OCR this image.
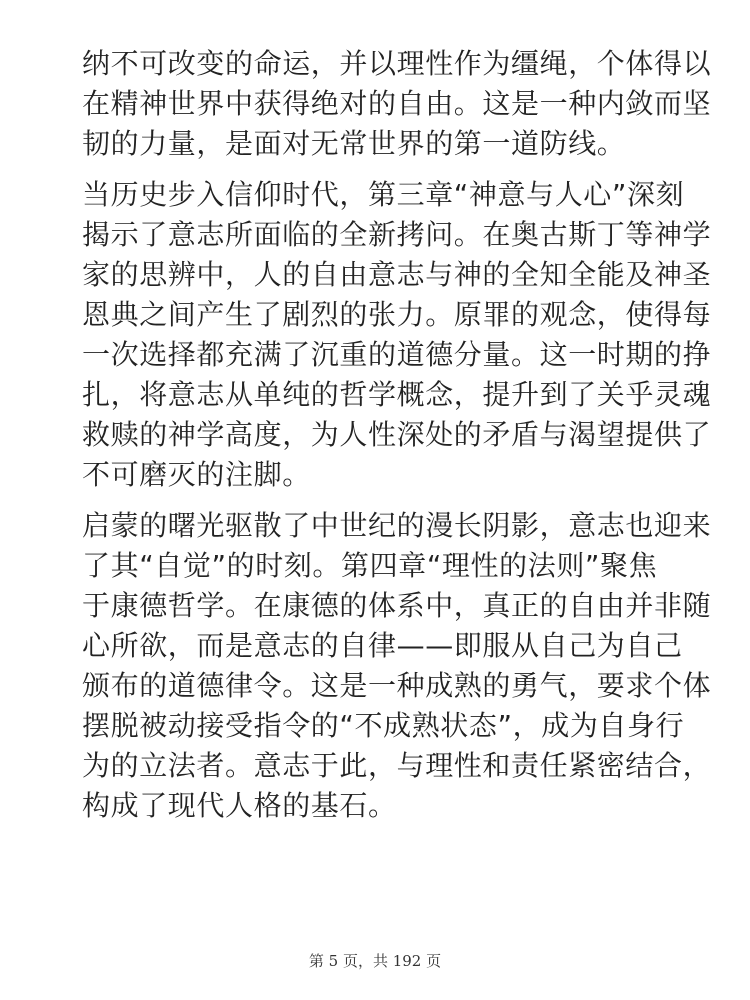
纳不可改变的命运，并以理性作为缰绳，个体得以
在精神世界中获得绝对的自由。这是一种内敛而坚
韧的力量，是面对无常世界的第一道防线。

当历史步入信仰时代，第三章“神意与人心”深刻
揭示了意志所面临的全新拷问。在奥古斯丁等神学
家的思辨中，人的自由意志与神的全知全能及神圣
恩典之间产生了剧烈的张力。原罪的观念，使得每
一次选择都充满了沉重的道德分量。这一时期的挣
扎，将意志从单纯的哲学概念，提升到了关乎灵魂
救赎的神学高度，为人性深处的矛盾与渴望提供了
不可磨灭的注脚。

启蒙的曙光驱散了中世纪的漫长阴影，意志也迎来
了其“自觉”的时刻。第四章“理性的法则”聚焦
于康德哲学。在康德的体系中，真正的自由并非随
心所欲，而是意志的自律——即服从自己为自己
颁布的道德律令。这是一种成熟的勇气，要求个体
摆脱被动接受指令的“不成熟状态”，成为自身行
为的立法者。意志于此，与理性和责任紧密结合，
构成了现代人格的基石。

第 5 页，共 192 页
